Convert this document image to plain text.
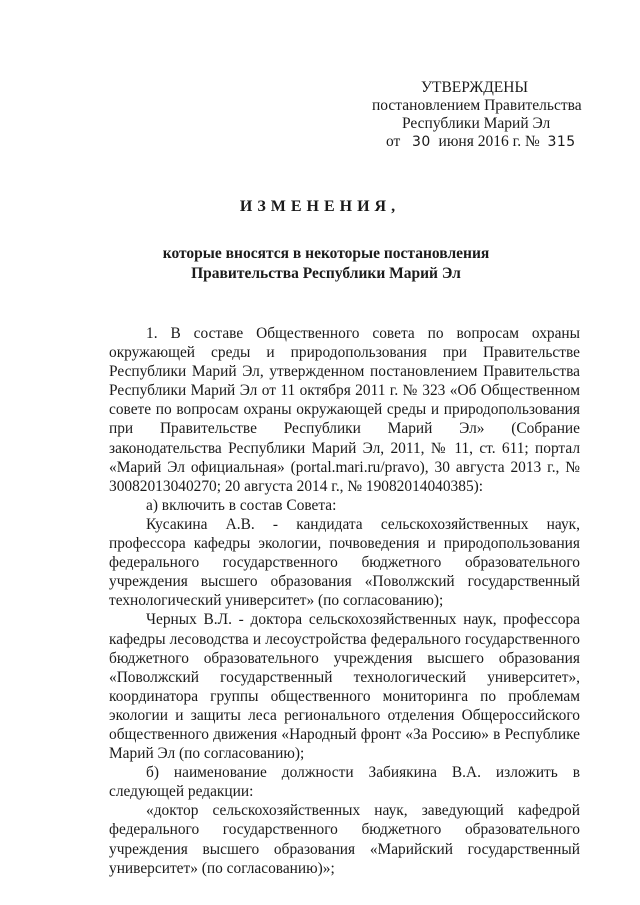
УТВЕРЖДЕНЫ
постановлением Правительства
Республики Марий Эл
от 30 июня 2016 г. № 315
ИЗМЕНЕНИЯ,
которые вносятся в некоторые постановления
Правительства Республики Марий Эл

1. В составе Общественного совета по вопросам охраны окружающей среды и природопользования при Правительстве Республики Марий Эл, утвержденном постановлением Правительства Республики Марий Эл от 11 октября 2011 г. № 323 «Об Общественном совете по вопросам охраны окружающей среды и природопользования при Правительстве Республики Марий Эл» (Собрание законодательства Республики Марий Эл, 2011, № 11, ст. 611; портал «Марий Эл официальная» (portal.mari.ru/pravo), 30 августа 2013 г., № 30082013040270; 20 августа 2014 г., № 19082014040385):

а) включить в состав Совета:

Кусакина А.В. - кандидата сельскохозяйственных наук, профессора кафедры экологии, почвоведения и природопользования федерального государственного бюджетного образовательного учреждения высшего образования «Поволжский государственный технологический университет» (по согласованию);

Черных В.Л. - доктора сельскохозяйственных наук, профессора кафедры лесоводства и лесоустройства федерального государственного бюджетного образовательного учреждения высшего образования «Поволжский государственный технологический университет», координатора группы общественного мониторинга по проблемам экологии и защиты леса регионального отделения Общероссийского общественного движения «Народный фронт «За Россию» в Республике Марий Эл (по согласованию);

б) наименование должности Забиякина В.А. изложить в следующей редакции:

«доктор сельскохозяйственных наук, заведующий кафедрой федерального государственного бюджетного образовательного учреждения высшего образования «Марийский государственный университет» (по согласованию)»;
